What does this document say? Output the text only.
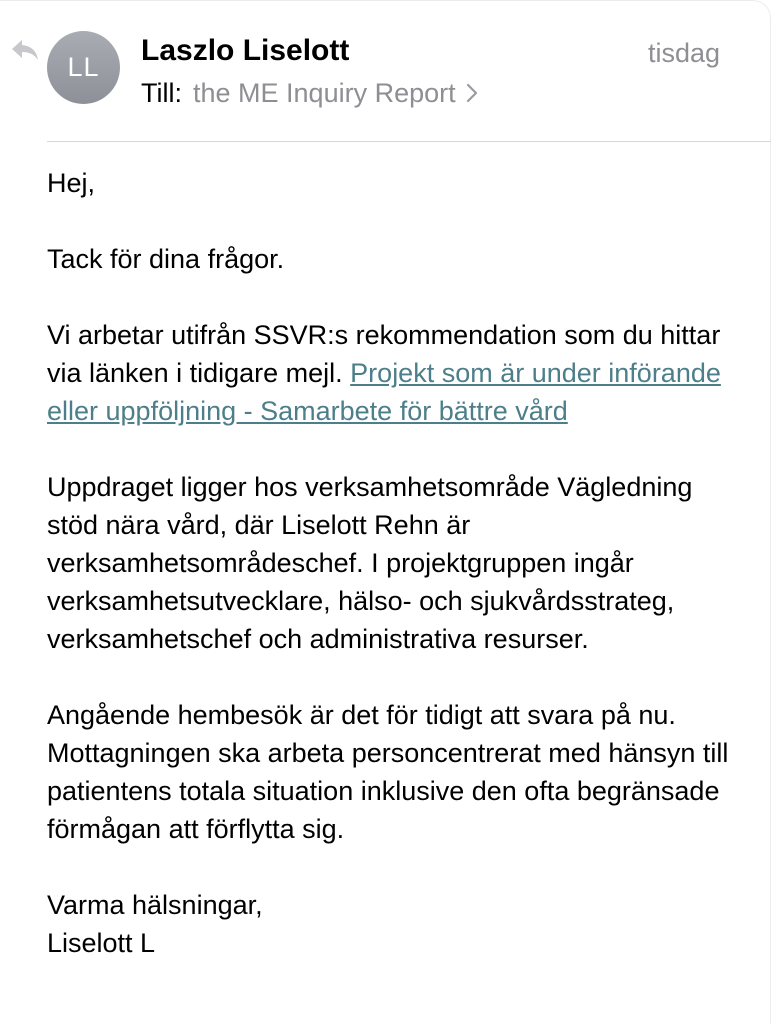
LL Laszlo Liselott	tisdag
Till: the ME Inquiry Report

Hej,

Tack för dina frågor.

Vi arbetar utifrån SSVR:s rekommendation som du hittar via länken i tidigare mejl. Projekt som är under införande eller uppföljning - Samarbete för bättre vård

Uppdraget ligger hos verksamhetsområde Vägledning stöd nära vård, där Liselott Rehn är verksamhetsområdeschef. I projektgruppen ingår verksamhetsutvecklare, hälso- och sjukvårdsstrateg, verksamhetschef och administrativa resurser.

Angående hembesök är det för tidigt att svara på nu. Mottagningen ska arbeta personcentrerat med hänsyn till patientens totala situation inklusive den ofta begränsade förmågan att förflytta sig.

Varma hälsningar,
Liselott L
